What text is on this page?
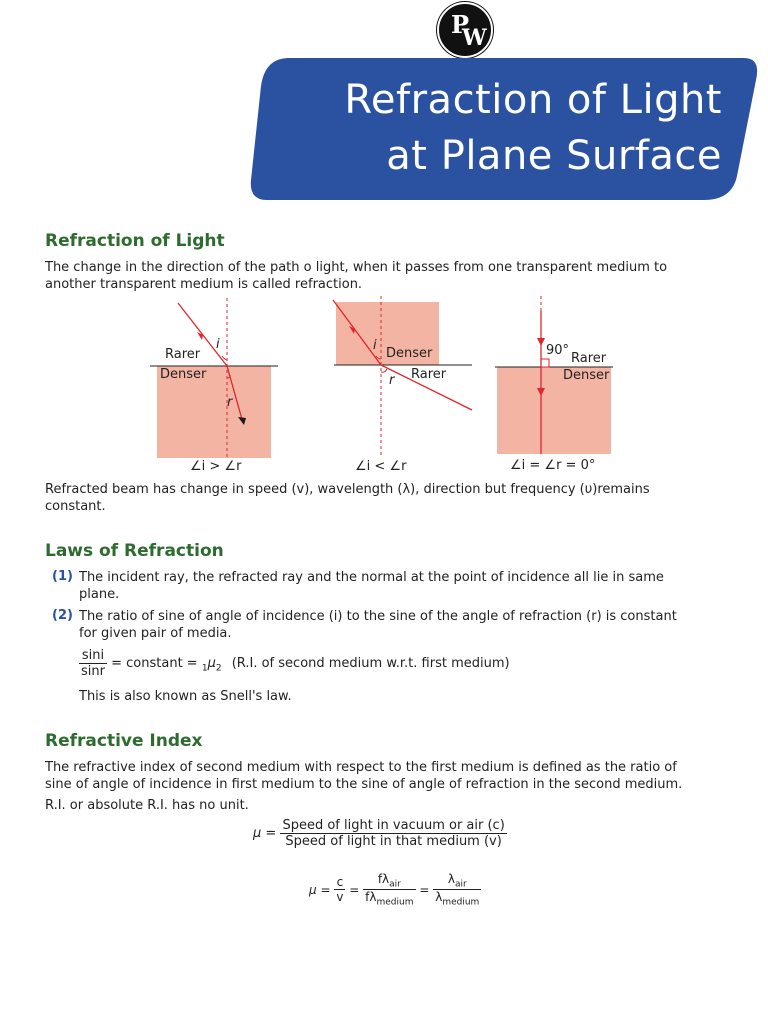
P
W
Refraction of Light
at Plane Surface
Refraction of Light
The change in the direction of the path o light, when it passes from one transparent medium to
another transparent medium is called refraction.
Rarer
Denser
i
r
∠i > ∠r
Denser
Rarer
i
r
∠i < ∠r
90°
Rarer
Denser
∠i = ∠r = 0°
Refracted beam has change in speed (v), wavelength (λ), direction but frequency (υ)remains
constant.
Laws of Refraction
(1) The incident ray, the refracted ray and the normal at the point of incidence all lie in same
plane.
(2) The ratio of sine of angle of incidence (i) to the sine of the angle of refraction (r) is constant
for given pair of media.
$\frac{\sin i}{\sin r}$ = constant = $_1\mu_2$ (R.I. of second medium w.r.t. first medium)
This is also known as Snell's law.
Refractive Index
The refractive index of second medium with respect to the first medium is defined as the ratio of
sine of angle of incidence in first medium to the sine of angle of refraction in the second medium.
R.I. or absolute R.I. has no unit.
$\mu = \frac{\text{Speed of light in vacuum or air (c)}}{\text{Speed of light in that medium (v)}}$
$\mu = \frac{c}{v} = \frac{f\lambda_{air}}{f\lambda_{medium}} = \frac{\lambda_{air}}{\lambda_{medium}}$
